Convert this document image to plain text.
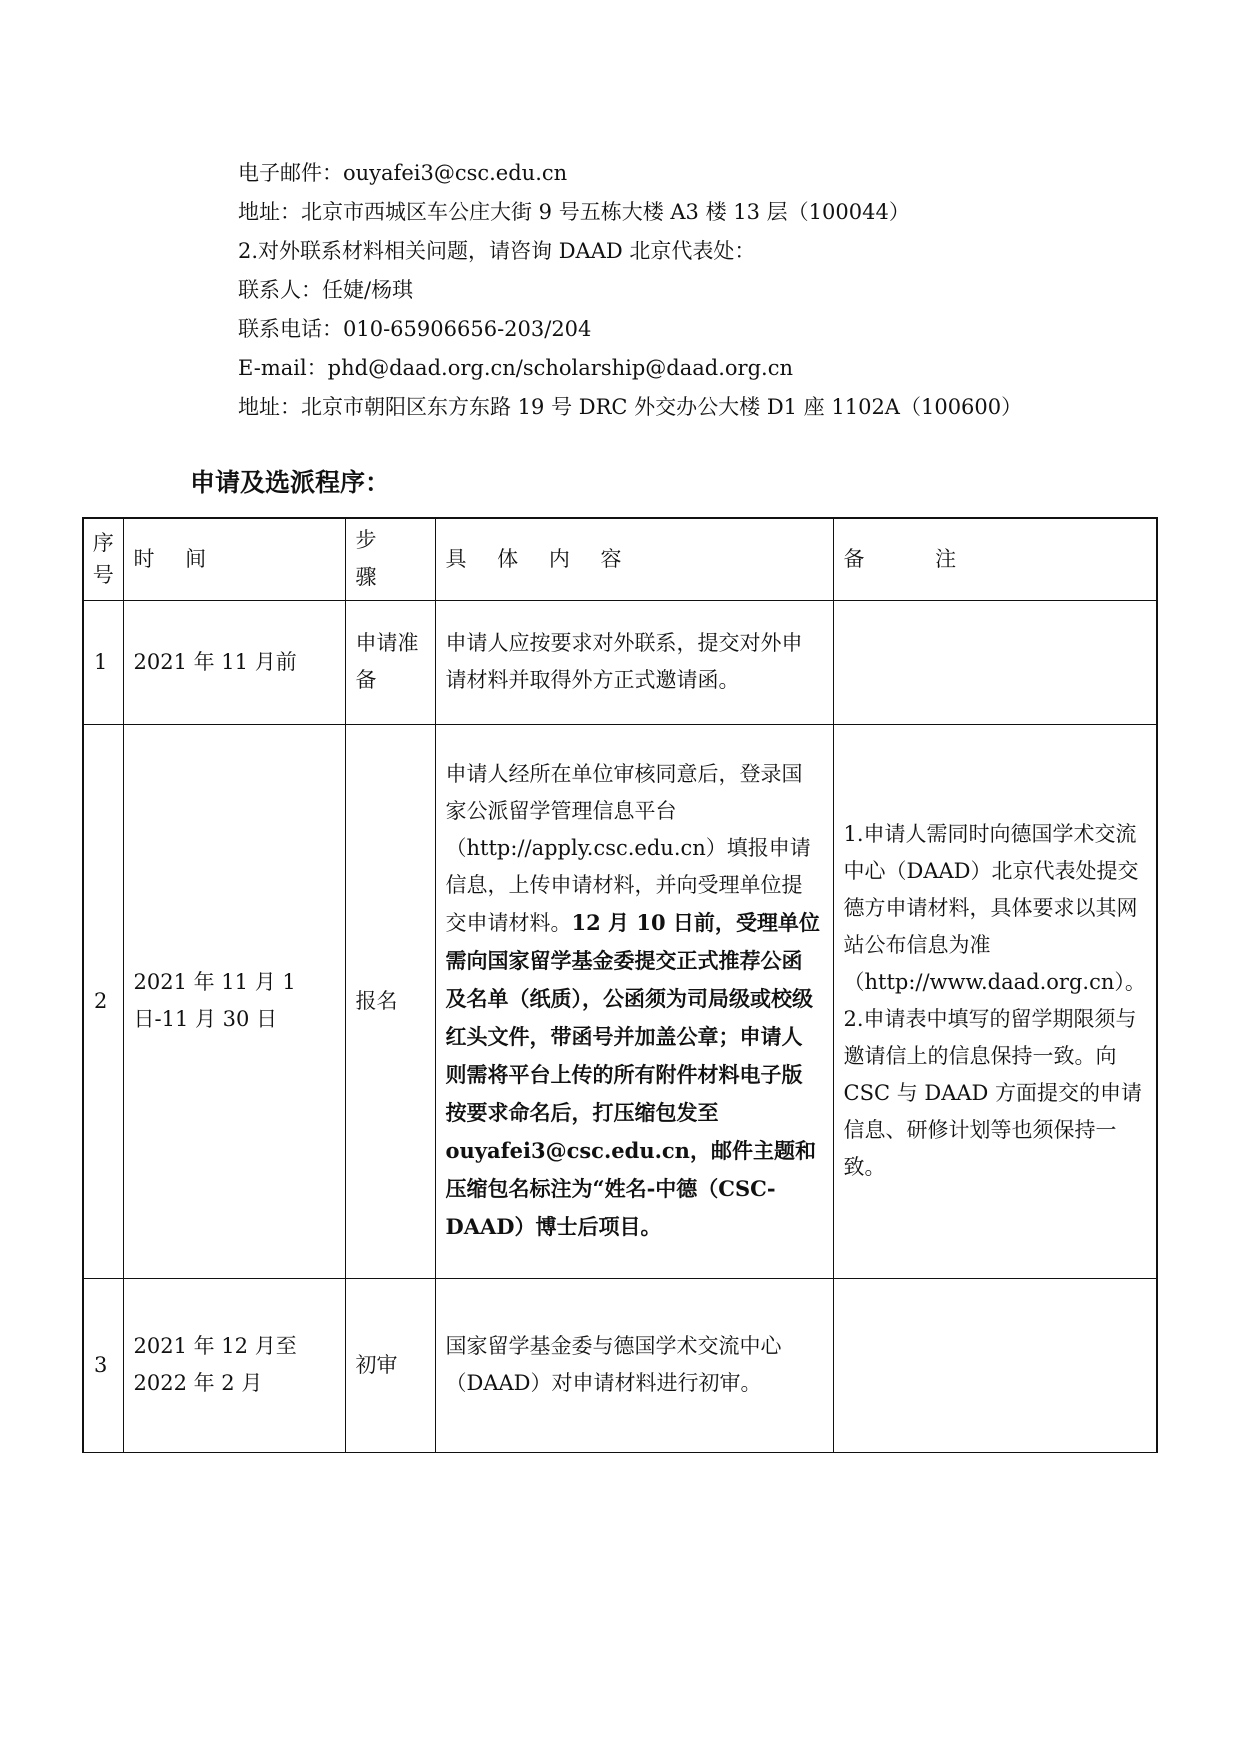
电子邮件：ouyafei3@csc.edu.cn
地址：北京市西城区车公庄大街 9 号五栋大楼 A3 楼 13 层（100044）
2.对外联系材料相关问题，请咨询 DAAD 北京代表处：
联系人：任婕/杨琪
联系电话：010-65906656-203/204
E-mail：phd@daad.org.cn/scholarship@daad.org.cn
地址：北京市朝阳区东方东路 19 号 DRC 外交办公大楼 D1 座 1102A（100600）
申请及选派程序：
序号	时 间	步 骤	具 体 内 容	备 注
1	2021 年 11 月前	申请准备	申请人应按要求对外联系，提交对外申请材料并取得外方正式邀请函。	
2	2021 年 11 月 1 日-11 月 30 日	报名	申请人经所在单位审核同意后，登录国家公派留学管理信息平台（http://apply.csc.edu.cn）填报申请信息，上传申请材料，并向受理单位提交申请材料。12 月 10 日前，受理单位需向国家留学基金委提交正式推荐公函及名单（纸质），公函须为司局级或校级红头文件，带函号并加盖公章；申请人则需将平台上传的所有附件材料电子版按要求命名后，打压缩包发至 ouyafei3@csc.edu.cn，邮件主题和压缩包名标注为“姓名-中德（CSC-DAAD）博士后项目。	1.申请人需同时向德国学术交流中心（DAAD）北京代表处提交德方申请材料，具体要求以其网站公布信息为准（http://www.daad.org.cn）。
2.申请表中填写的留学期限须与邀请信上的信息保持一致。向 CSC 与 DAAD 方面提交的申请信息、研修计划等也须保持一致。

3	2021 年 12 月至 2022 年 2 月	初审	国家留学基金委与德国学术交流中心（DAAD）对申请材料进行初审。	
